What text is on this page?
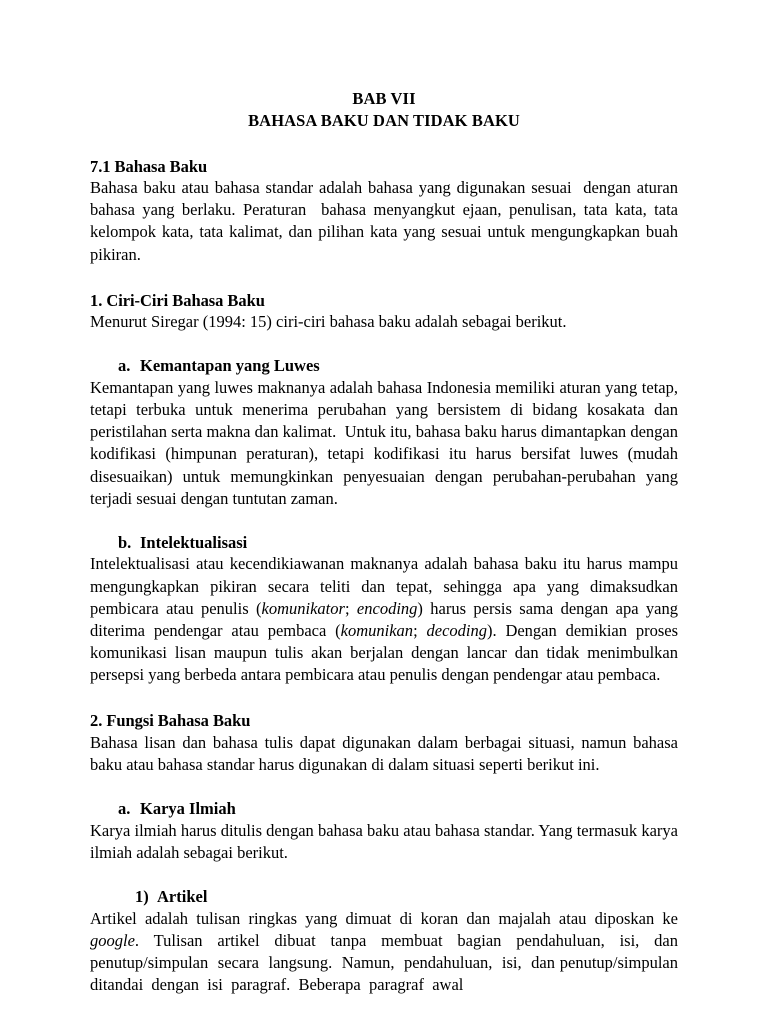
BAB VII
BAHASA BAKU DAN TIDAK BAKU
7.1 Bahasa Baku

Bahasa baku atau bahasa standar adalah bahasa yang digunakan sesuai  dengan aturan bahasa yang berlaku. Peraturan  bahasa menyangkut ejaan, penulisan, tata kata, tata kelompok kata, tata kalimat, dan pilihan kata yang sesuai untuk mengungkapkan buah pikiran.

1. Ciri-Ciri Bahasa Baku

Menurut Siregar (1994: 15) ciri-ciri bahasa baku adalah sebagai berikut.

a. Kemantapan yang Luwes

Kemantapan yang luwes maknanya adalah bahasa Indonesia memiliki aturan yang tetap, tetapi terbuka untuk menerima perubahan yang bersistem di bidang kosakata dan peristilahan serta makna dan kalimat.  Untuk itu, bahasa baku harus dimantapkan dengan kodifikasi (himpunan peraturan), tetapi kodifikasi itu harus bersifat luwes (mudah disesuaikan) untuk memungkinkan penyesuaian dengan perubahan-perubahan yang terjadi sesuai dengan tuntutan zaman.

b. Intelektualisasi

Intelektualisasi atau kecendikiawanan maknanya adalah bahasa baku itu harus mampu mengungkapkan pikiran secara teliti dan tepat, sehingga apa yang dimaksudkan pembicara atau penulis (komunikator; encoding) harus persis sama dengan apa yang diterima pendengar atau pembaca (komunikan; decoding). Dengan demikian proses komunikasi lisan maupun tulis akan berjalan dengan lancar dan tidak menimbulkan persepsi yang berbeda antara pembicara atau penulis dengan pendengar atau pembaca.

2. Fungsi Bahasa Baku

Bahasa lisan dan bahasa tulis dapat digunakan dalam berbagai situasi, namun bahasa baku atau bahasa standar harus digunakan di dalam situasi seperti berikut ini.

a. Karya Ilmiah

Karya ilmiah harus ditulis dengan bahasa baku atau bahasa standar. Yang termasuk karya ilmiah adalah sebagai berikut.

1) Artikel

Artikel adalah tulisan ringkas yang dimuat di koran dan majalah atau diposkan ke google. Tulisan artikel dibuat tanpa membuat bagian pendahuluan, isi, dan penutup/simpulan  secara  langsung.  Namun,  pendahuluan,  isi,  dan penutup/simpulan  ditandai  dengan  isi  paragraf.  Beberapa  paragraf  awal
